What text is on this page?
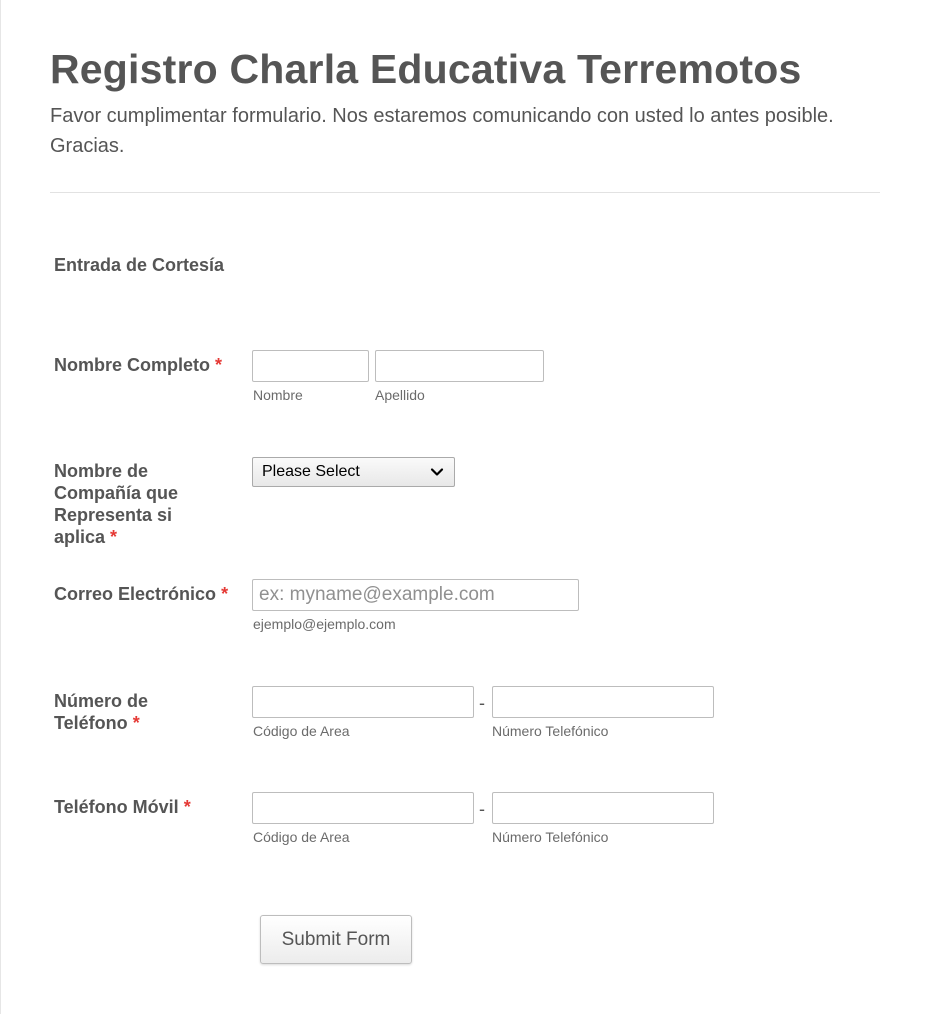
Registro Charla Educativa Terremotos

Favor cumplimentar formulario. Nos estaremos comunicando con usted lo antes posible. Gracias.

Entrada de Cortesía
Nombre Completo *
Nombre	Apellido
Nombre de Compañía que Representa si aplica *
Please Select
Correo Electrónico *
ex: myname@example.com
ejemplo@ejemplo.com
Número de Teléfono *
-
Código de Area	Número Telefónico
Teléfono Móvil *	-
Código de Area	Número Telefónico
Submit Form
